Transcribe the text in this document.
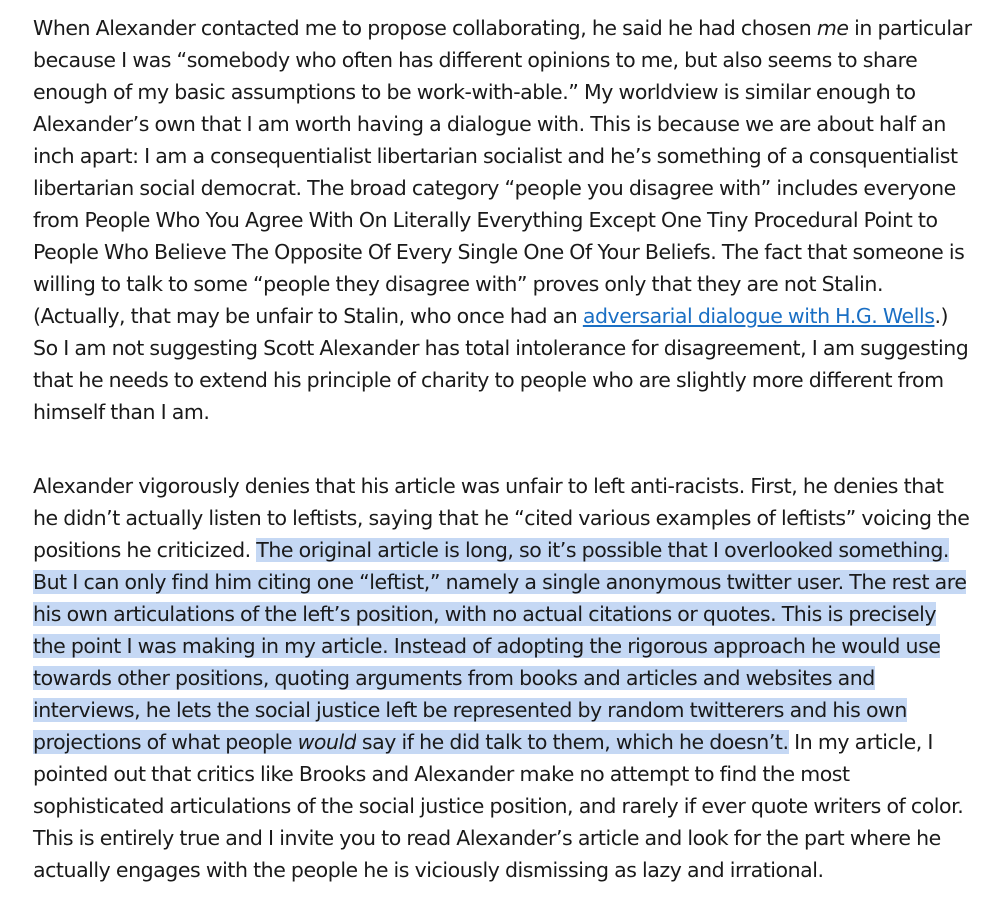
When Alexander contacted me to propose collaborating, he said he had chosen me in particular because I was “somebody who often has different opinions to me, but also seems to share enough of my basic assumptions to be work-with-able.” My worldview is similar enough to Alexander’s own that I am worth having a dialogue with. This is because we are about half an inch apart: I am a consequentialist libertarian socialist and he’s something of a consquentialist libertarian social democrat. The broad category “people you disagree with” includes everyone from People Who You Agree With On Literally Everything Except One Tiny Procedural Point to People Who Believe The Opposite Of Every Single One Of Your Beliefs. The fact that someone is willing to talk to some “people they disagree with” proves only that they are not Stalin. (Actually, that may be unfair to Stalin, who once had an adversarial dialogue with H.G. Wells.) So I am not suggesting Scott Alexander has total intolerance for disagreement, I am suggesting that he needs to extend his principle of charity to people who are slightly more different from himself than I am.

Alexander vigorously denies that his article was unfair to left anti-racists. First, he denies that he didn’t actually listen to leftists, saying that he “cited various examples of leftists” voicing the positions he criticized. The original article is long, so it’s possible that I overlooked something. But I can only find him citing one “leftist,” namely a single anonymous twitter user. The rest are his own articulations of the left’s position, with no actual citations or quotes. This is precisely the point I was making in my article. Instead of adopting the rigorous approach he would use towards other positions, quoting arguments from books and articles and websites and interviews, he lets the social justice left be represented by random twitterers and his own projections of what people would say if he did talk to them, which he doesn’t. In my article, I pointed out that critics like Brooks and Alexander make no attempt to find the most sophisticated articulations of the social justice position, and rarely if ever quote writers of color. This is entirely true and I invite you to read Alexander’s article and look for the part where he actually engages with the people he is viciously dismissing as lazy and irrational.
